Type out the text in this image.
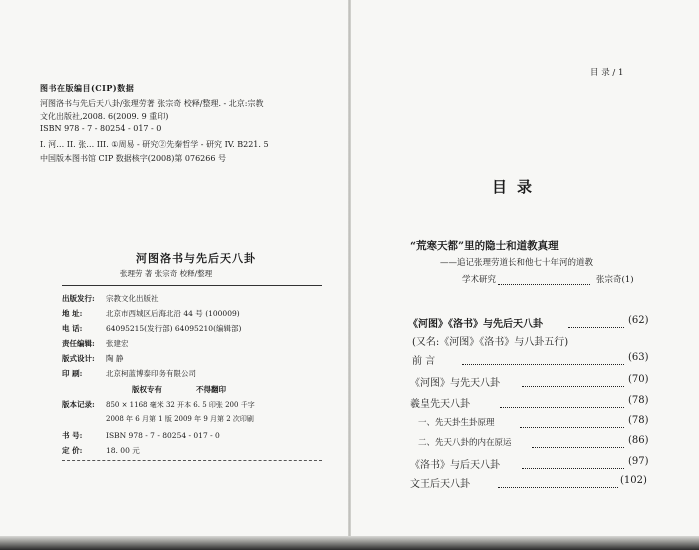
图书在版编目(CIP)数据
河图洛书与先后天八卦/张理劳著 张宗奇 校释/整理. - 北京:宗教
文化出版社,2008. 6(2009. 9 重印)
ISBN 978 - 7 - 80254 - 017 - 0
I. 河… II. 张… III. ①周易 - 研究②先秦哲学 - 研究 IV. B221. 5
中国版本图书馆 CIP 数据核字(2008)第 076266 号
河图洛书与先后天八卦
张理劳 著 张宗奇 校释/整理
出版发行: 宗教文化出版社
地 址:	北京市西城区后海北沿 44 号 (100009)
电 话:	64095215(发行部) 64095210(编辑部)
责任编辑: 张建宏
版式设计: 陶 静
印 刷:	北京柯蓝博泰印务有限公司
版权专有	不得翻印
版本记录: 850 × 1168 毫米 32 开本 6. 5 印张 200 千字
2008 年 6 月第 1 版 2009 年 9 月第 2 次印刷
书 号:	ISBN 978 - 7 - 80254 - 017 - 0
定 价:	18. 00 元
目 录 / 1
目录
“荒寒天都”里的隐士和道教真理
——追记张理劳道长和他七十年河的道教
学术研究	张宗奇(1)
《河图》《洛书》与先后天八卦	(62)
(又名:《河图》《洛书》与八卦五行)
前 言	(63)
《河图》与先天八卦	(70)
羲皇先天八卦	(78)
一、先天卦生卦原理	(78)
二、先天八卦的内在原运	(86)
《洛书》与后天八卦	(97)
文王后天八卦	(102)
